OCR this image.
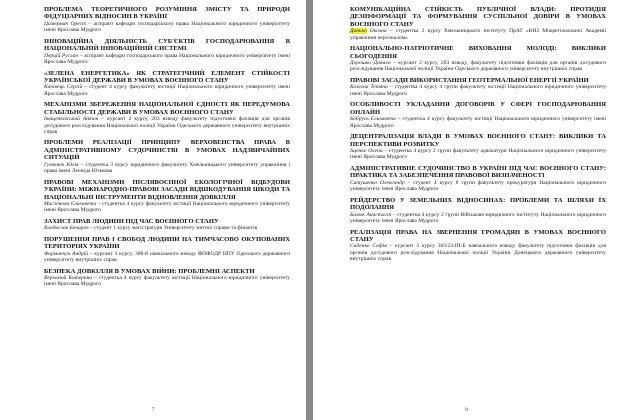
ПРОБЛЕМА ТЕОРЕТИЧНОГО РОЗУМІННЯ ЗМІСТУ ТА ПРИРОДИ ФІДУЦІАРНИХ ВІДНОСИН В УКРАЇНІ
Цимерман Орест – аспірант кафедри господарського права Національного юридичного університету імені Ярослава Мудрого
ІННОВАЦІЙНА ДІЯЛЬНІСТЬ СУБ'ЄКТІВ ГОСПОДАРЮВАННЯ В НАЦІОНАЛЬНІЙ ІННОВАЦІЙНІЙ СИСТЕМІ
Перцій Руслан – аспірант кафедри господарського права Національного юридичного університету імені Ярослава Мудрого
«ЗЕЛЕНА ЕНЕРГЕТИКА» ЯК СТРАТЕГІЧНИЙ ЕЛЕМЕНТ СТІЙКОСТІ УКРАЇНСЬКОЇ ДЕРЖАВИ В УМОВАХ ВОЄННОГО СТАНУ
Канівець Сергій – студент 4 курсу факультету юстиції Національного юридичного університету імені Ярослава Мудрого
МЕХАНІЗМИ ЗБЕРЕЖЕННЯ НАЦІОНАЛЬНОЇ ЄДНОСТІ ЯК ПЕРЕДУМОВА СТАБІЛЬНОСТІ ДЕРЖАВИ В УМОВАХ ВОЄННОГО СТАНУ
Іващенківський Антон – курсант 2 курсу, 203 взводу факультету підготовки фахівців для органів досудового розслідування Національної поліції України Одеського державного університету внутрішніх справ
ПРОБЛЕМИ РЕАЛІЗАЦІЇ ПРИНЦИПУ ВЕРХОВЕНСТВА ПРАВА В АДМІНІСТРАТИВНОМУ СУДОЧИНСТВІ В УМОВАХ НАДЗВИЧАЙНИХ СИТУАЦІЙ
Гуменюк Юлія – студентка 3 курсу юридичного факультету Хмельницького університету управління і права імені Леоніда Юзькова
ПРАВОВІ МЕХАНІЗМИ ПІСЛЯВОЄННОЇ ЕКОЛОГІЧНОЇ ВІДБУДОВИ УКРАЇНИ: МІЖНАРОДНО-ПРАВОВІ ЗАСАДИ ВІДШКОДУВАННЯ ШКОДИ ТА НАЦІОНАЛЬНІ ІНСТРУМЕНТИ ВІДНОВЛЕННЯ ДОВКІЛЛЯ
Масленова Єлизавета – студентка 4 курсу факультету юстиції Національного юридичного університету імені Ярослава Мудрого
ЗАХИСТ ПРАВ ЛЮДИНИ ПІД ЧАС ВОЄННОГО СТАНУ
Владислав Бочаров – студент 1 курсу магістратури Університету митної справи та фінансів
ПОРУШЕННЯ ПРАВ І СВОБОД ЛЮДИНИ НА ТИМЧАСОВО ОКУПОВАНИХ ТЕРИТОРІЯХ УКРАЇНИ
Форманчук Андрій – курсант 3 курсу, 308-й навчального взводу ФПФОДР НПУ Одеського державного університету внутрішніх справ
БЕЗПЕКА ДОВКІЛЛЯ В УМОВАХ ВІЙНИ: ПРОБЛЕМНІ АСПЕКТИ
Верхомой Катерина – студентка 4 курсу факультету юстиції Національного юридичного університету імені Ярослава Мудрого
7
КОМУНІКАЦІЙНА СТІЙКІСТЬ ПУБЛІЧНОЇ ВЛАДИ: ПРОТИДІЯ ДЕЗІНФОРМАЦІЇ ТА ФОРМУВАННЯ СУСПІЛЬНОЇ ДОВІРИ В УМОВАХ ВОЄННОГО СТАНУ
Данько Оксана – студентка 2 курсу Хмельницького інституту ПрАТ «ВНЗ Міжрегіональної Академії управління персоналом»
НАЦІОНАЛЬНО-ПАТРІОТИЧНЕ ВИХОВАННЯ МОЛОДІ: ВИКЛИКИ СЬОГОДЕННЯ
Дорошко Данило – курсант 2 курсу, 203 взводу, факультету підготовки фахівців для органів досудового розслідування Національної поліції України Одеського державного університету внутрішніх справ
ПРАВОВІ ЗАСАДИ ВИКОРИСТАННЯ ГЕОТЕРМАЛЬНОЇ ЕНЕРГІЇ УКРАЇНИ
Козлова Тетяна – студентка 4 курсу 4 групи факультету юстиції Національного юридичного університету імені Ярослава Мудрого
ОСОБЛИВОСТІ УКЛАДАННЯ ДОГОВОРІВ У СФЕРІ ГОСПОДАРЮВАННЯ ОНЛАЙН
Бобрусь Єлизавета – студентка 4 курсу факультету юстиції Національного юридичного університету імені Ярослава Мудрого
ДЕЦЕНТРАЛІЗАЦІЯ ВЛАДИ В УМОВАХ ВОЄННОГО СТАНУ: ВИКЛИКИ ТА ПЕРСПЕКТИВИ РОЗВИТКУ
Іщенко Олена – студентка 4 курсу 2 групи факультету адвокатури Національного юридичного університету імені Ярослава Мудрого
АДМІНІСТРАТИВНЕ СУДОЧИНСТВО В УКРАЇНІ ПІД ЧАС ВОЄННОГО СТАНУ: ПРАКТИКА ТА ЗАБЕЗПЕЧЕННЯ ПРАВОВОЇ ВИЗНАЧЕНОСТІ
Ситушенко Олександр – студент 4 курсу 8 групи факультету прокуратури Національного юридичного університету імені Ярослава Мудрого
РЕЙДЕРСТВО У ЗЕМЕЛЬНИХ ВІДНОСИНАХ: ПРОБЛЕМИ ТА ШЛЯХИ ЇХ ПОДОЛАННЯ
Балюк Анастасія – студентка 4 курсу 2 групи Військово-юридичного інституту Національного юридичного університету імені Ярослава Мудрого
РЕАЛІЗАЦІЯ ПРАВА НА ЗВЕРНЕННЯ ГРОМАДЯН В УМОВАХ ВОЄННОГО СТАНУ
Сиденко Софія – курсант 3 курсу 303/23-ІП-Б навчального взводу факультету підготовки фахівців для органів досудового розслідування Національної поліції України Донецького державного університету внутрішніх справ
8
